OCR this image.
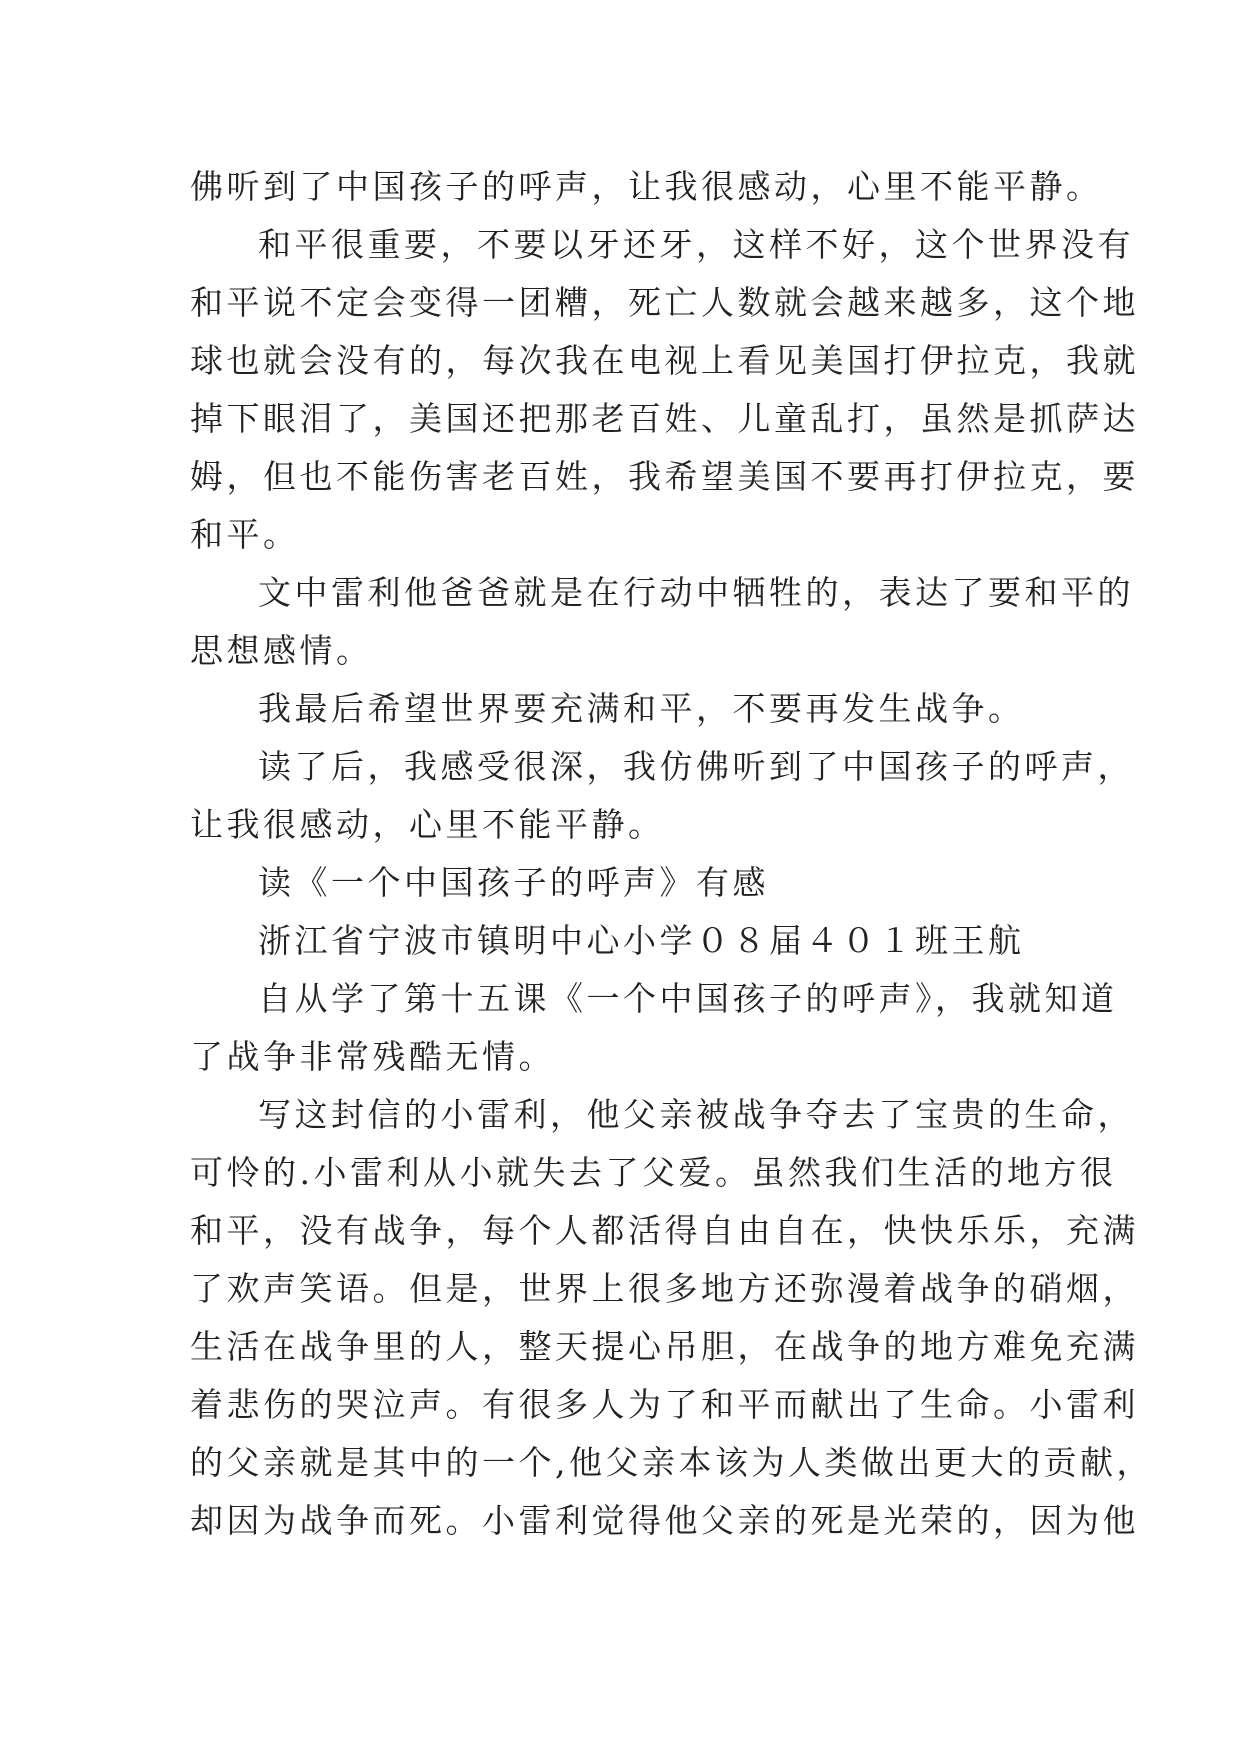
佛听到了中国孩子的呼声，让我很感动，心里不能平静。
和平很重要，不要以牙还牙，这样不好，这个世界没有
和平说不定会变得一团糟，死亡人数就会越来越多，这个地
球也就会没有的，每次我在电视上看见美国打伊拉克，我就
掉下眼泪了，美国还把那老百姓、儿童乱打，虽然是抓萨达
姆，但也不能伤害老百姓，我希望美国不要再打伊拉克，要
和平。
文中雷利他爸爸就是在行动中牺牲的，表达了要和平的
思想感情。
我最后希望世界要充满和平，不要再发生战争。
读了后，我感受很深，我仿佛听到了中国孩子的呼声，
让我很感动，心里不能平静。
读《一个中国孩子的呼声》有感
浙江省宁波市镇明中心小学０８届４０１班王航
自从学了第十五课《一个中国孩子的呼声》，我就知道
了战争非常残酷无情。
写这封信的小雷利，他父亲被战争夺去了宝贵的生命，
可怜的.小雷利从小就失去了父爱。虽然我们生活的地方很
和平，没有战争，每个人都活得自由自在，快快乐乐，充满
了欢声笑语。但是，世界上很多地方还弥漫着战争的硝烟，
生活在战争里的人，整天提心吊胆，在战争的地方难免充满
着悲伤的哭泣声。有很多人为了和平而献出了生命。小雷利
的父亲就是其中的一个,他父亲本该为人类做出更大的贡献，
却因为战争而死。小雷利觉得他父亲的死是光荣的，因为他
